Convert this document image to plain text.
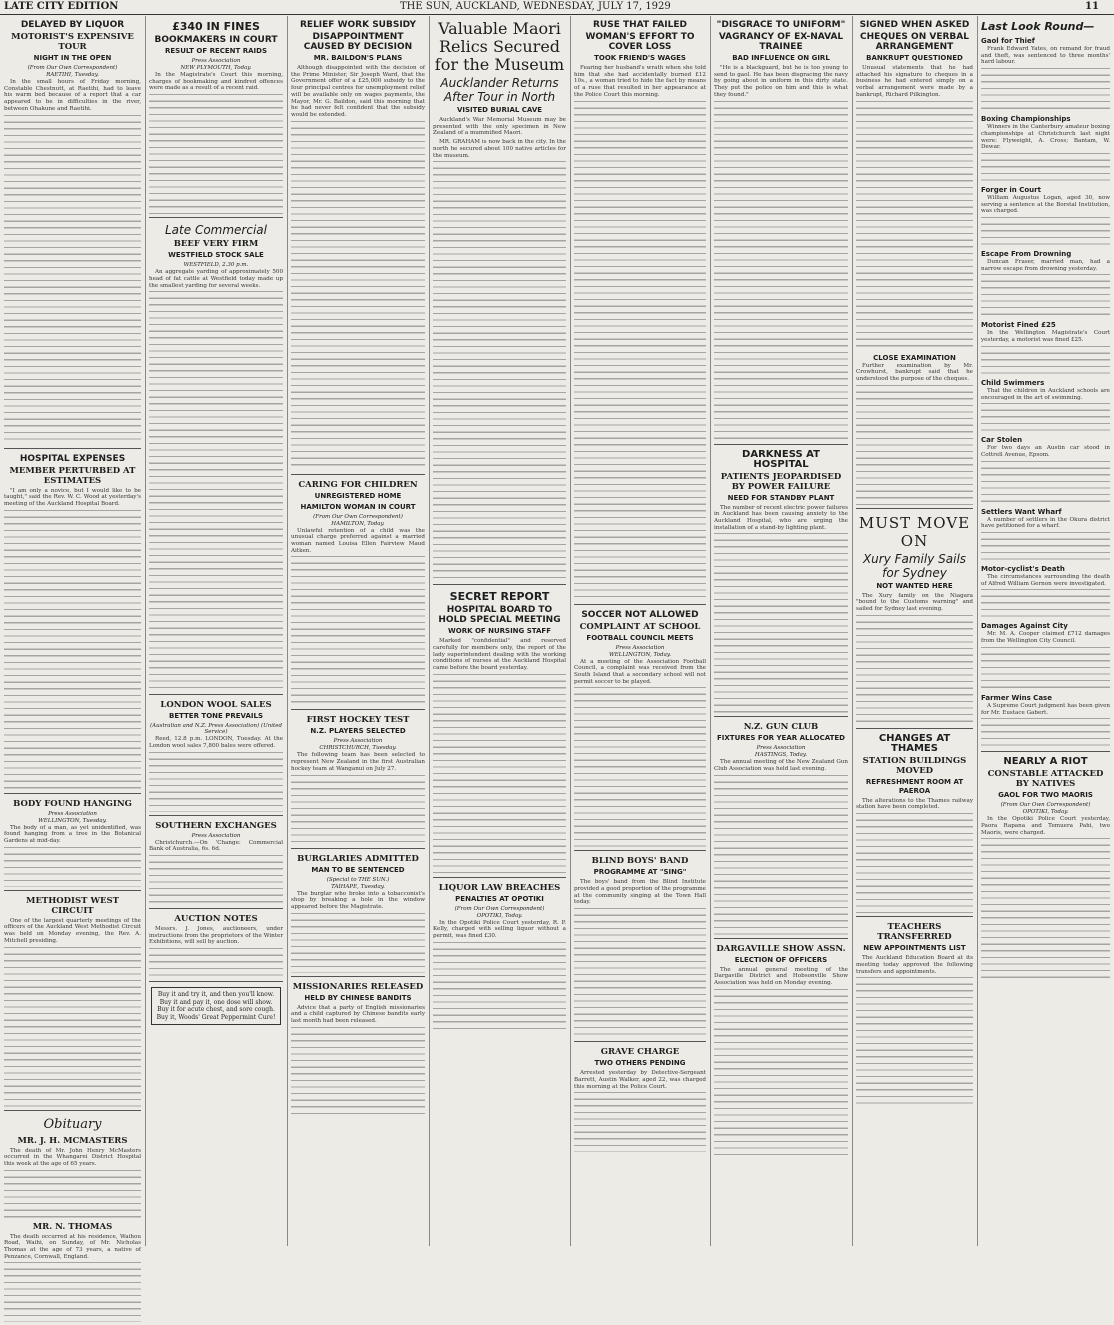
LATE CITY EDITION	THE SUN, AUCKLAND, WEDNESDAY, JULY 17, 1929	11
DELAYED BY LIQUOR
MOTORIST'S EXPENSIVE TOUR
NIGHT IN THE OPEN
(From Our Own Correspondent)
RAETIHI, Tuesday.

In the small hours of Friday morning, Constable Chestnutt, at Raetihi, had to leave his warm bed because of a report that a car appeared to be in difficulties in the river, between Ohakune and Raetihi.

HOSPITAL EXPENSES
MEMBER PERTURBED AT ESTIMATES

"I am only a novice, but I would like to be taught," said the Rev. W. C. Wood at yesterday's meeting of the Auckland Hospital Board.

BODY FOUND HANGING
Press Association
WELLINGTON, Tuesday.

The body of a man, as yet unidentified, was found hanging from a tree in the Botanical Gardens at mid-day.

METHODIST WEST CIRCUIT

One of the largest quarterly meetings of the officers of the Auckland West Methodist Circuit was held on Monday evening, the Rev. A. Mitchell presiding.

Obituary
MR. J. H. MCMASTERS

The death of Mr. John Henry McMasters occurred in the Whangarei District Hospital this week at the age of 65 years.

MR. N. THOMAS

The death occurred at his residence, Waihou Road, Waihi, on Sunday, of Mr. Nicholas Thomas at the age of 73 years, a native of Penzance, Cornwall, England.

£340 IN FINES
BOOKMAKERS IN COURT
RESULT OF RECENT RAIDS
Press Association
NEW PLYMOUTH, Today.

In the Magistrate's Court this morning, charges of bookmaking and kindred offences were made as a result of a recent raid.

Late Commercial
BEEF VERY FIRM
WESTFIELD STOCK SALE
WESTFIELD, 2.30 p.m.

An aggregate yarding of approximately 500 head of fat cattle at Westfield today made up the smallest yarding for several weeks.

LONDON WOOL SALES
BETTER TONE PREVAILS
(Australian and N.Z. Press Association) (United Service)

Reed, 12.8 p.m. LONDON, Tuesday. At the London wool sales 7,800 bales were offered.

SOUTHERN EXCHANGES
Press Association

Christchurch.—On 'Change: Commercial Bank of Australia, 6s. 6d.

AUCTION NOTES

Messrs. J. Jones, auctioneers, under instructions from the proprietors of the Winter Exhibitions, will sell by auction.

Buy it and try it, and then you'll know. Buy it and pay it, one dose will show. Buy it for acute chest, and sore cough. Buy it, Woods' Great Peppermint Cure!
RELIEF WORK SUBSIDY
DISAPPOINTMENT CAUSED BY DECISION
MR. BAILDON'S PLANS

Although disappointed with the decision of the Prime Minister, Sir Joseph Ward, that the Government offer of a £25,000 subsidy to the four principal centres for unemployment relief will be available only on wages payments, the Mayor, Mr. G. Baildon, said this morning that he had never felt confident that the subsidy would be extended.

CARING FOR CHILDREN
UNREGISTERED HOME
HAMILTON WOMAN IN COURT
(From Our Own Correspondent)
HAMILTON, Today.

Unlawful retention of a child was the unusual charge preferred against a married woman named Louisa Ellen Fairview Maud Aitken.

FIRST HOCKEY TEST
N.Z. PLAYERS SELECTED
Press Association
CHRISTCHURCH, Tuesday.

The following team has been selected to represent New Zealand in the first Australian hockey team at Wanganui on July 27.

BURGLARIES ADMITTED
MAN TO BE SENTENCED
(Special to THE SUN.)
TAIHAPE, Tuesday.

The burglar who broke into a tobacconist's shop by breaking a hole in the window appeared before the Magistrate.

MISSIONARIES RELEASED
HELD BY CHINESE BANDITS

Advice that a party of English missionaries and a child captured by Chinese bandits early last month had been released.

Valuable Maori Relics Secured for the Museum
Aucklander Returns After Tour in North
VISITED BURIAL CAVE

Auckland's War Memorial Museum may be presented with the only specimen in New Zealand of a mummified Maori.

MR. GRAHAM is now back in the city. In the north he secured about 100 native articles for the museum.

SECRET REPORT
HOSPITAL BOARD TO HOLD SPECIAL MEETING
WORK OF NURSING STAFF

Marked "confidential" and reserved carefully for members only, the report of the lady superintendent dealing with the working conditions of nurses at the Auckland Hospital came before the board yesterday.

LIQUOR LAW BREACHES
PENALTIES AT OPOTIKI
(From Our Own Correspondent)
OPOTIKI, Today.

In the Opotiki Police Court yesterday, R. P. Kelly, charged with selling liquor without a permit, was fined £30.

RUSE THAT FAILED
WOMAN'S EFFORT TO COVER LOSS
TOOK FRIEND'S WAGES

Fearing her husband's wrath when she told him that she had accidentally burned £12 10s., a woman tried to hide the fact by means of a ruse that resulted in her appearance at the Police Court this morning.

SOCCER NOT ALLOWED
COMPLAINT AT SCHOOL
FOOTBALL COUNCIL MEETS
Press Association
WELLINGTON, Today.

At a meeting of the Association Football Council, a complaint was received from the South Island that a secondary school will not permit soccer to be played.

BLIND BOYS' BAND
PROGRAMME AT "SING"

The boys' band from the Blind Institute provided a good proportion of the programme at the community singing at the Town Hall today.

GRAVE CHARGE
TWO OTHERS PENDING

Arrested yesterday by Detective-Sergeant Barrett, Austin Walker, aged 22, was charged this morning at the Police Court.

"DISGRACE TO UNIFORM"
VAGRANCY OF EX-NAVAL TRAINEE
BAD INFLUENCE ON GIRL

"He is a blackguard, but he is too young to send to gaol. He has been disgracing the navy by going about in uniform in this dirty state. They put the police on him and this is what they found."

DARKNESS AT HOSPITAL
PATIENTS JEOPARDISED BY POWER FAILURE
NEED FOR STANDBY PLANT

The number of recent electric power failures in Auckland has been causing anxiety to the Auckland Hospital, who are urging the installation of a stand-by lighting plant.

N.Z. GUN CLUB
FIXTURES FOR YEAR ALLOCATED
Press Association
HASTINGS, Today.

The annual meeting of the New Zealand Gun Club Association was held last evening.

DARGAVILLE SHOW ASSN.
ELECTION OF OFFICERS

The annual general meeting of the Dargaville District and Hobsonville Show Association was held on Monday evening.

SIGNED WHEN ASKED
CHEQUES ON VERBAL ARRANGEMENT
BANKRUPT QUESTIONED

Unusual statements that he had attached his signature to cheques in a business he had entered simply on a verbal arrangement were made by a bankrupt, Richard Pilkington.

CLOSE EXAMINATION

Further examination by Mr. Crowhurst, bankrupt said that he understood the purpose of the cheques.

MUST MOVE ON
Xury Family Sails for Sydney
NOT WANTED HERE

The Xury family on the Niagara "bound to the Customs warning" and sailed for Sydney last evening.

CHANGES AT THAMES
STATION BUILDINGS MOVED
REFRESHMENT ROOM AT PAEROA

The alterations to the Thames railway station have been completed.

TEACHERS TRANSFERRED
NEW APPOINTMENTS LIST

The Auckland Education Board at its meeting today approved the following transfers and appointments.

Last Look Round—
Gaol for Thief

Frank Edward Yates, on remand for fraud and theft, was sentenced to three months' hard labour.

Boxing Championships

Winners in the Canterbury amateur boxing championships at Christchurch last night were: Flyweight, A. Cross; Bantam, W. Dewar.

Forger in Court

William Augustus Logan, aged 30, now serving a sentence at the Borstal Institution, was charged.

Escape From Drowning

Duncan Fraser, married man, had a narrow escape from drowning yesterday.

Motorist Fined £25

In the Wellington Magistrate's Court yesterday, a motorist was fined £25.

Child Swimmers

That the children in Auckland schools are encouraged in the art of swimming.

Car Stolen

For two days an Austin car stood in Cottrell Avenue, Epsom.

Settlers Want Wharf

A number of settlers in the Okura district have petitioned for a wharf.

Motor-cyclist's Death

The circumstances surrounding the death of Alfred William Gernon were investigated.

Damages Against City

Mr. M. A. Cooper claimed £712 damages from the Wellington City Council.

Farmer Wins Case

A Supreme Court judgment has been given for Mr. Eustace Gabert.

NEARLY A RIOT
CONSTABLE ATTACKED BY NATIVES
GAOL FOR TWO MAORIS
(From Our Own Correspondent)
OPOTIKI, Today.

In the Opotiki Police Court yesterday, Paora Rapana and Temuera Pahi, two Maoris, were charged.
